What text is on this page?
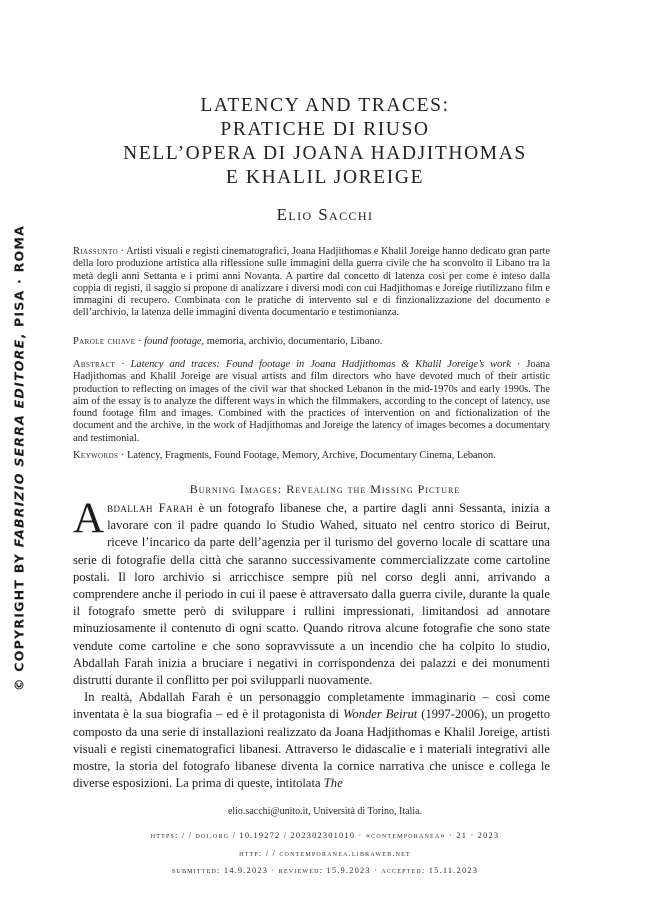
© COPYRIGHT BY FABRIZIO SERRA EDITORE, PISA · ROMA
LATENCY AND TRACES:
PRATICHE DI RIUSO
NELL’OPERA DI JOANA HADJITHOMAS
E KHALIL JOREIGE
Elio Sacchi

Riassunto · Artisti visuali e registi cinematografici, Joana Hadjithomas e Khalil Joreige hanno dedicato gran parte della loro produzione artistica alla riflessione sulle immagini della guerra civile che ha sconvolto il Libano tra la metà degli anni Settanta e i primi anni Novanta. A partire dal concetto di latenza così per come è inteso dalla coppia di registi, il saggio si propone di analizzare i diversi modi con cui Hadjithomas e Joreige riutilizzano film e immagini di recupero. Combinata con le pratiche di intervento sul e di finzionalizzazione del documento e dell’archivio, la latenza delle immagini diventa documentario e testimonianza.

Parole chiave · found footage, memoria, archivio, documentario, Libano.

Abstract · Latency and traces: Found footage in Joana Hadjithomas & Khalil Joreige’s work · Joana Hadjithomas and Khalil Joreige are visual artists and film directors who have devoted much of their artistic production to reflecting on images of the civil war that shocked Lebanon in the mid-1970s and early 1990s. The aim of the essay is to analyze the different ways in which the filmmakers, according to the concept of latency, use found footage film and images. Combined with the practices of intervention on and fictionalization of the document and the archive, in the work of Hadjithomas and Joreige the latency of images becomes a documentary and testimonial.

Keywords · Latency, Fragments, Found Footage, Memory, Archive, Documentary Cinema, Lebanon.

Burning Images: Revealing the Missing Picture

Abdallah Farah è un fotografo libanese che, a partire dagli anni Sessanta, inizia a lavorare con il padre quando lo Studio Wahed, situato nel centro storico di Beirut, riceve l’incarico da parte dell’agenzia per il turismo del governo locale di scattare una serie di fotografie della città che saranno successivamente commercializzate come cartoline postali. Il loro archivio si arricchisce sempre più nel corso degli anni, arrivando a comprendere anche il periodo in cui il paese è attraversato dalla guerra civile, durante la quale il fotografo smette però di sviluppare i rullini impressionati, limitandosi ad annotare minuziosamente il contenuto di ogni scatto. Quando ritrova alcune fotografie che sono state vendute come cartoline e che sono sopravvissute a un incendio che ha colpito lo studio, Abdallah Farah inizia a bruciare i negativi in corrispondenza dei palazzi e dei monumenti distrutti durante il conflitto per poi svilupparli nuovamente.

In realtà, Abdallah Farah è un personaggio completamente immaginario – così come inventata è la sua biografia – ed è il protagonista di Wonder Beirut (1997-2006), un progetto composto da una serie di installazioni realizzato da Joana Hadjithomas e Khalil Joreige, artisti visuali e registi cinematografici libanesi. Attraverso le didascalie e i materiali integrativi alle mostre, la storia del fotografo libanese diventa la cornice narrativa che unisce e collega le diverse esposizioni. La prima di queste, intitolata The

elio.sacchi@unito.it, Università di Torino, Italia.
https: / / doi.org / 10.19272 / 202302301010 · «contemporanea» · 21 · 2023
http: / / contemporanea.libraweb.net
submitted: 14.9.2023 · reviewed: 15.9.2023 · accepted: 15.11.2023
